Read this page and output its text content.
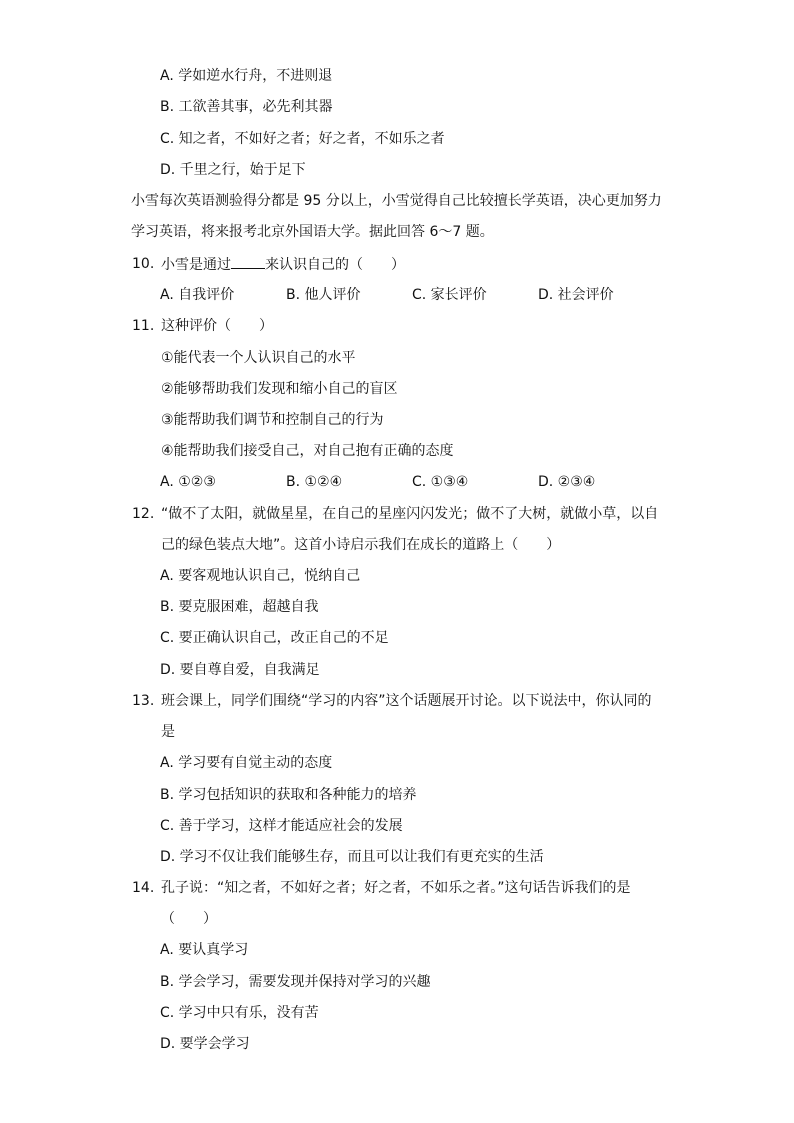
A. 学如逆水行舟，不进则退
B. 工欲善其事，必先利其器
C. 知之者，不如好之者；好之者，不如乐之者
D. 千里之行，始于足下
小雪每次英语测验得分都是 95 分以上，小雪觉得自己比较擅长学英语，决心更加努力
学习英语，将来报考北京外国语大学。据此回答 6～7 题。
10. 小雪是通过 来认识自己的（　　）
A. 自我评价	B. 他人评价	C. 家长评价	D. 社会评价
11. 这种评价（　　）
①能代表一个人认识自己的水平
②能够帮助我们发现和缩小自己的盲区
③能帮助我们调节和控制自己的行为
④能帮助我们接受自己，对自己抱有正确的态度
A. ①②③	B. ①②④	C. ①③④	D. ②③④
12. “做不了太阳，就做星星，在自己的星座闪闪发光；做不了大树，就做小草，以自
己的绿色装点大地”。这首小诗启示我们在成长的道路上（　　）
A. 要客观地认识自己，悦纳自己
B. 要克服困难，超越自我
C. 要正确认识自己，改正自己的不足
D. 要自尊自爱，自我满足
13. 班会课上，同学们围绕“学习的内容”这个话题展开讨论。以下说法中，你认同的
是
A. 学习要有自觉主动的态度
B. 学习包括知识的获取和各种能力的培养
C. 善于学习，这样才能适应社会的发展
D. 学习不仅让我们能够生存，而且可以让我们有更充实的生活
14. 孔子说：“知之者，不如好之者；好之者，不如乐之者。”这句话告诉我们的是
（　　）
A. 要认真学习
B. 学会学习，需要发现并保持对学习的兴趣
C. 学习中只有乐，没有苦
D. 要学会学习
